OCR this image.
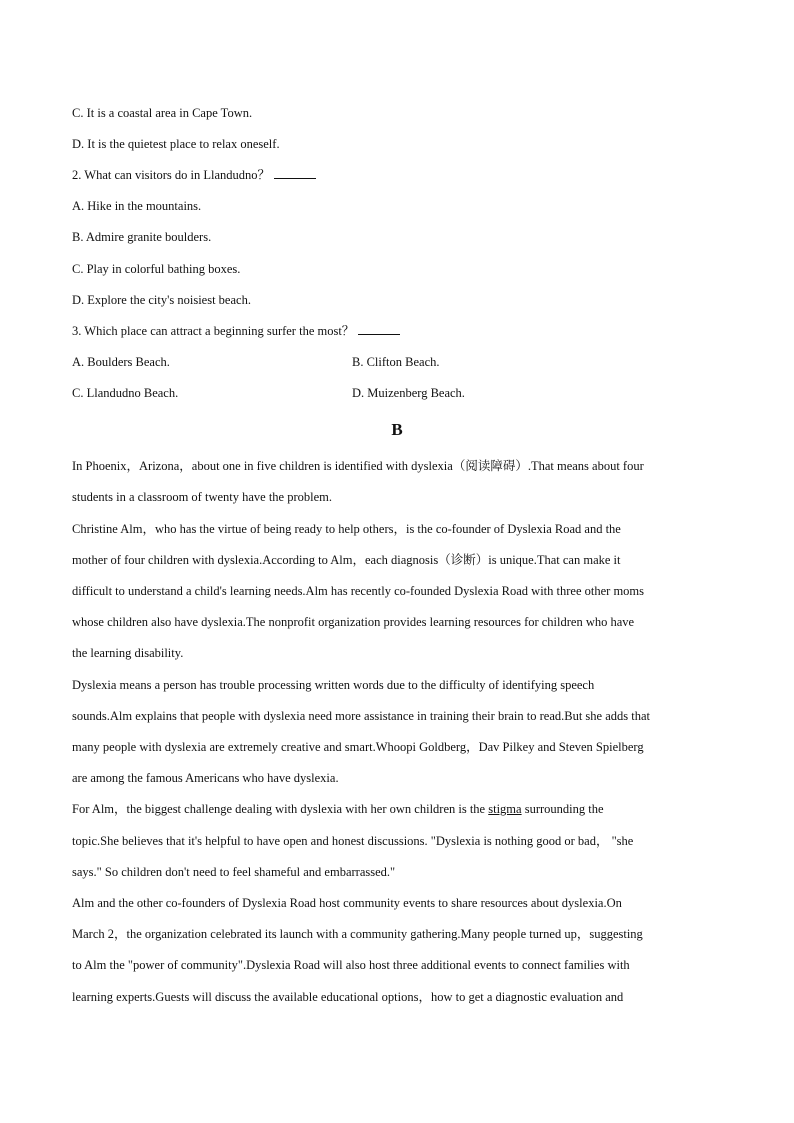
C. It is a coastal area in Cape Town.
D. It is the quietest place to relax oneself.
2. What can visitors do in Llandudno？
A. Hike in the mountains.
B. Admire granite boulders.
C. Play in colorful bathing boxes.
D. Explore the city's noisiest beach.
3. Which place can attract a beginning surfer the most？
A. Boulders Beach.	B. Clifton Beach.
C. Llandudno Beach.	D. Muizenberg Beach.
B
In Phoenix，Arizona，about one in five children is identified with dyslexia（阅读障碍）.That means about four
students in a classroom of twenty have the problem.
Christine Alm，who has the virtue of being ready to help others，is the co-founder of Dyslexia Road and the
mother of four children with dyslexia.According to Alm，each diagnosis（诊断）is unique.That can make it
difficult to understand a child's learning needs.Alm has recently co-founded Dyslexia Road with three other moms
whose children also have dyslexia.The nonprofit organization provides learning resources for children who have
the learning disability.
Dyslexia means a person has trouble processing written words due to the difficulty of identifying speech
sounds.Alm explains that people with dyslexia need more assistance in training their brain to read.But she adds that
many people with dyslexia are extremely creative and smart.Whoopi Goldberg，Dav Pilkey and Steven Spielberg
are among the famous Americans who have dyslexia.
For Alm，the biggest challenge dealing with dyslexia with her own children is the stigma surrounding the
topic.She believes that it's helpful to have open and honest discussions. "Dyslexia is nothing good or bad， "she
says." So children don't need to feel shameful and embarrassed."
Alm and the other co-founders of Dyslexia Road host community events to share resources about dyslexia.On
March 2，the organization celebrated its launch with a community gathering.Many people turned up，suggesting
to Alm the "power of community".Dyslexia Road will also host three additional events to connect families with
learning experts.Guests will discuss the available educational options，how to get a diagnostic evaluation and
